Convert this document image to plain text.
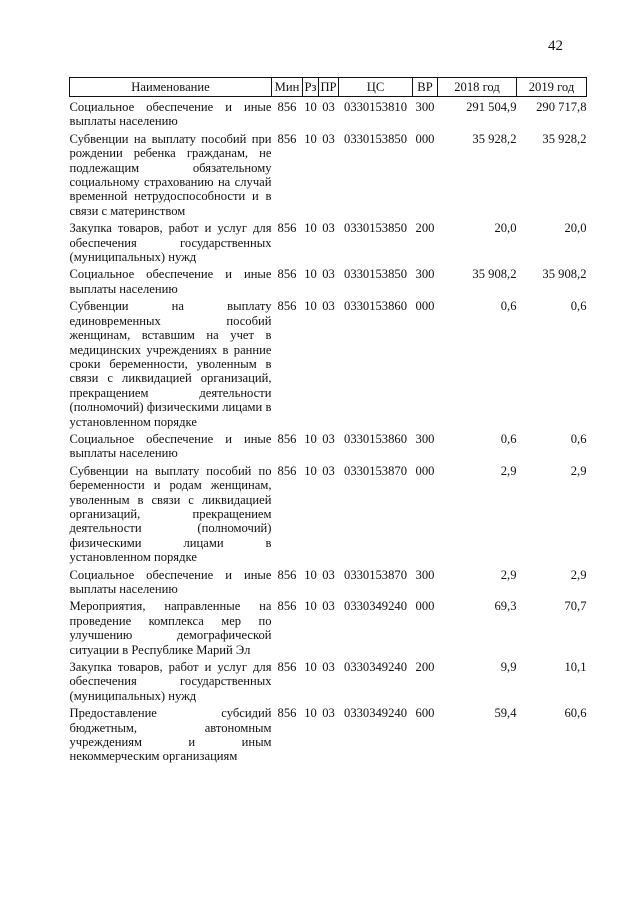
42
Наименование	Мин	Рз	ПР	ЦС	ВР	2018 год	2019 год
Социальное обеспечение и иные выплаты населению	856	10	03	0330153810	300	291 504,9	290 717,8
Субвенции на выплату пособий при рождении ребенка гражданам, не подлежащим обязательному социальному страхованию на случай временной нетрудоспособности и в связи с материнством	856	10	03	0330153850	000	35 928,2	35 928,2
Закупка товаров, работ и услуг для обеспечения государственных (муниципальных) нужд	856	10	03	0330153850	200	20,0	20,0
Социальное обеспечение и иные выплаты населению	856	10	03	0330153850	300	35 908,2	35 908,2
Субвенции на выплату единовременных пособий женщинам, вставшим на учет в медицинских учреждениях в ранние сроки беременности, уволенным в связи с ликвидацией организаций, прекращением деятельности (полномочий) физическими лицами в установленном порядке	856	10	03	0330153860	000	0,6	0,6
Социальное обеспечение и иные выплаты населению	856	10	03	0330153860	300	0,6	0,6
Субвенции на выплату пособий по беременности и родам женщинам, уволенным в связи с ликвидацией организаций, прекращением деятельности (полномочий) физическими лицами в установленном порядке	856	10	03	0330153870	000	2,9	2,9
Социальное обеспечение и иные выплаты населению	856	10	03	0330153870	300	2,9	2,9
Мероприятия, направленные на проведение комплекса мер по улучшению демографической ситуации в Республике Марий Эл	856	10	03	0330349240	000	69,3	70,7
Закупка товаров, работ и услуг для обеспечения государственных (муниципальных) нужд	856	10	03	0330349240	200	9,9	10,1
Предоставление субсидий бюджетным, автономным учреждениям и иным некоммерческим организациям	856	10	03	0330349240	600	59,4	60,6
